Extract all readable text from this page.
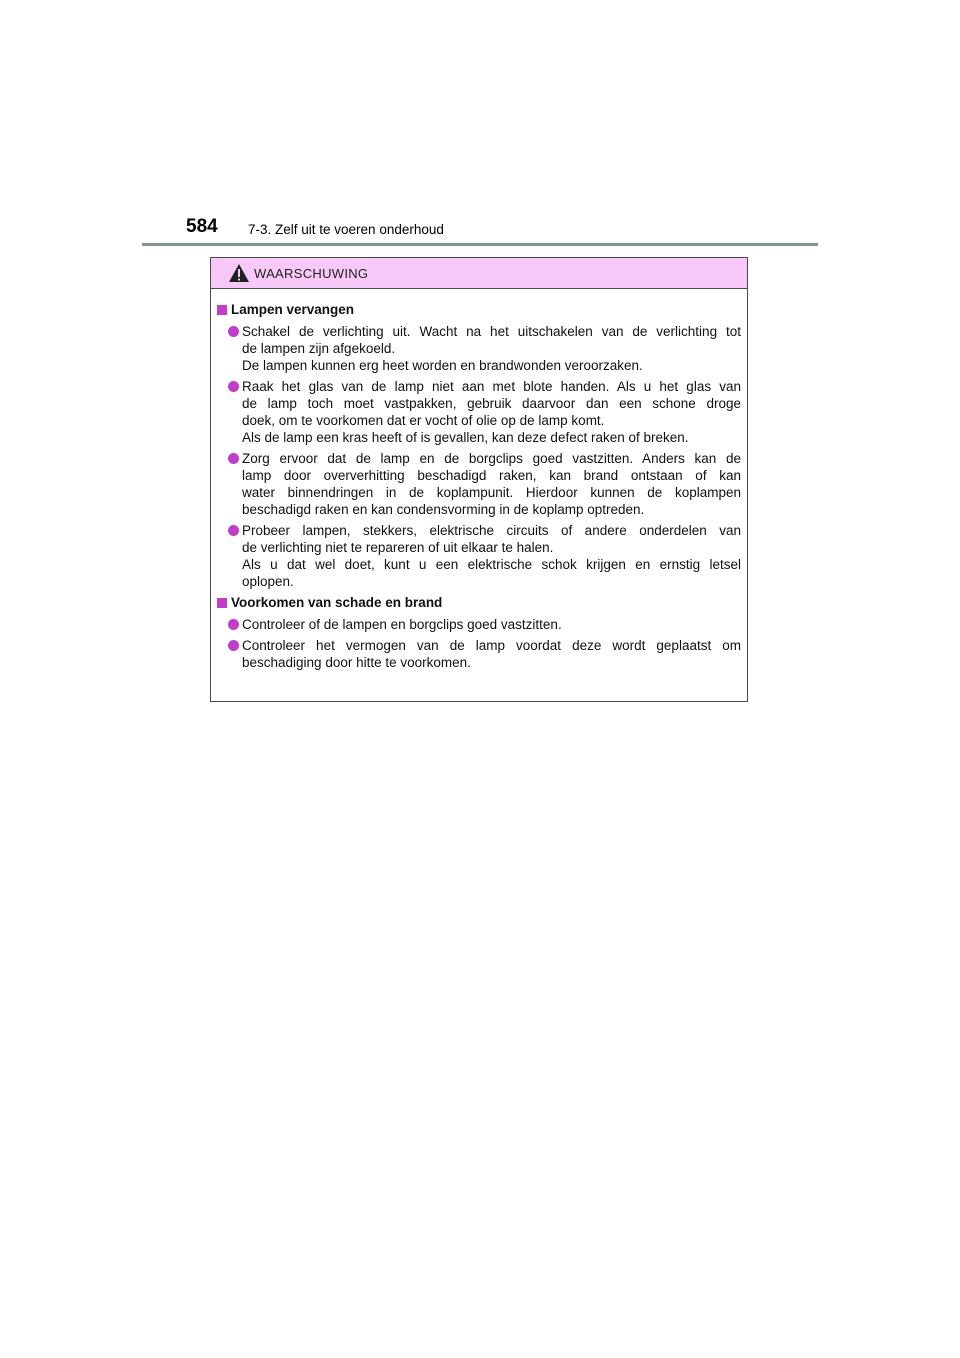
584 7-3. Zelf uit te voeren onderhoud
WAARSCHUWING
Lampen vervangen

Schakel de verlichting uit. Wacht na het uitschakelen van de verlichting tot

de lampen zijn afgekoeld.

De lampen kunnen erg heet worden en brandwonden veroorzaken.

Raak het glas van de lamp niet aan met blote handen. Als u het glas van

de lamp toch moet vastpakken, gebruik daarvoor dan een schone droge

doek, om te voorkomen dat er vocht of olie op de lamp komt.

Als de lamp een kras heeft of is gevallen, kan deze defect raken of breken.

Zorg ervoor dat de lamp en de borgclips goed vastzitten. Anders kan de

lamp door oververhitting beschadigd raken, kan brand ontstaan of kan

water binnendringen in de koplampunit. Hierdoor kunnen de koplampen

beschadigd raken en kan condensvorming in de koplamp optreden.

Probeer lampen, stekkers, elektrische circuits of andere onderdelen van

de verlichting niet te repareren of uit elkaar te halen.

Als u dat wel doet, kunt u een elektrische schok krijgen en ernstig letsel

oplopen.

Voorkomen van schade en brand

Controleer of de lampen en borgclips goed vastzitten.

Controleer het vermogen van de lamp voordat deze wordt geplaatst om

beschadiging door hitte te voorkomen.
